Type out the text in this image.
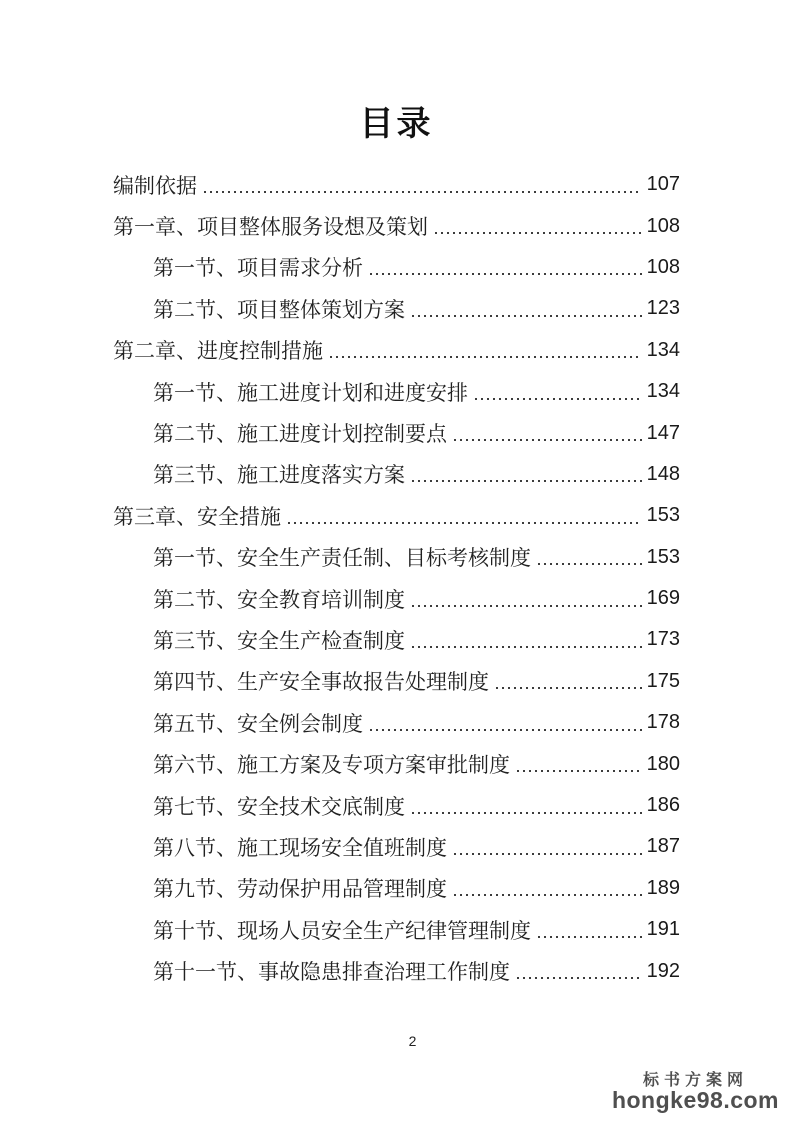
目录
编制依据	107
第一章、项目整体服务设想及策划	108
第一节、项目需求分析	108
第二节、项目整体策划方案	123
第二章、进度控制措施	134
第一节、施工进度计划和进度安排	134
第二节、施工进度计划控制要点	147
第三节、施工进度落实方案	148
第三章、安全措施	153
第一节、安全生产责任制、目标考核制度	153
第二节、安全教育培训制度	169
第三节、安全生产检查制度	173
第四节、生产安全事故报告处理制度	175
第五节、安全例会制度	178
第六节、施工方案及专项方案审批制度	180
第七节、安全技术交底制度	186
第八节、施工现场安全值班制度	187
第九节、劳动保护用品管理制度	189
第十节、现场人员安全生产纪律管理制度	191
第十一节、事故隐患排查治理工作制度	192
2
标书方案网
hongke98.com
